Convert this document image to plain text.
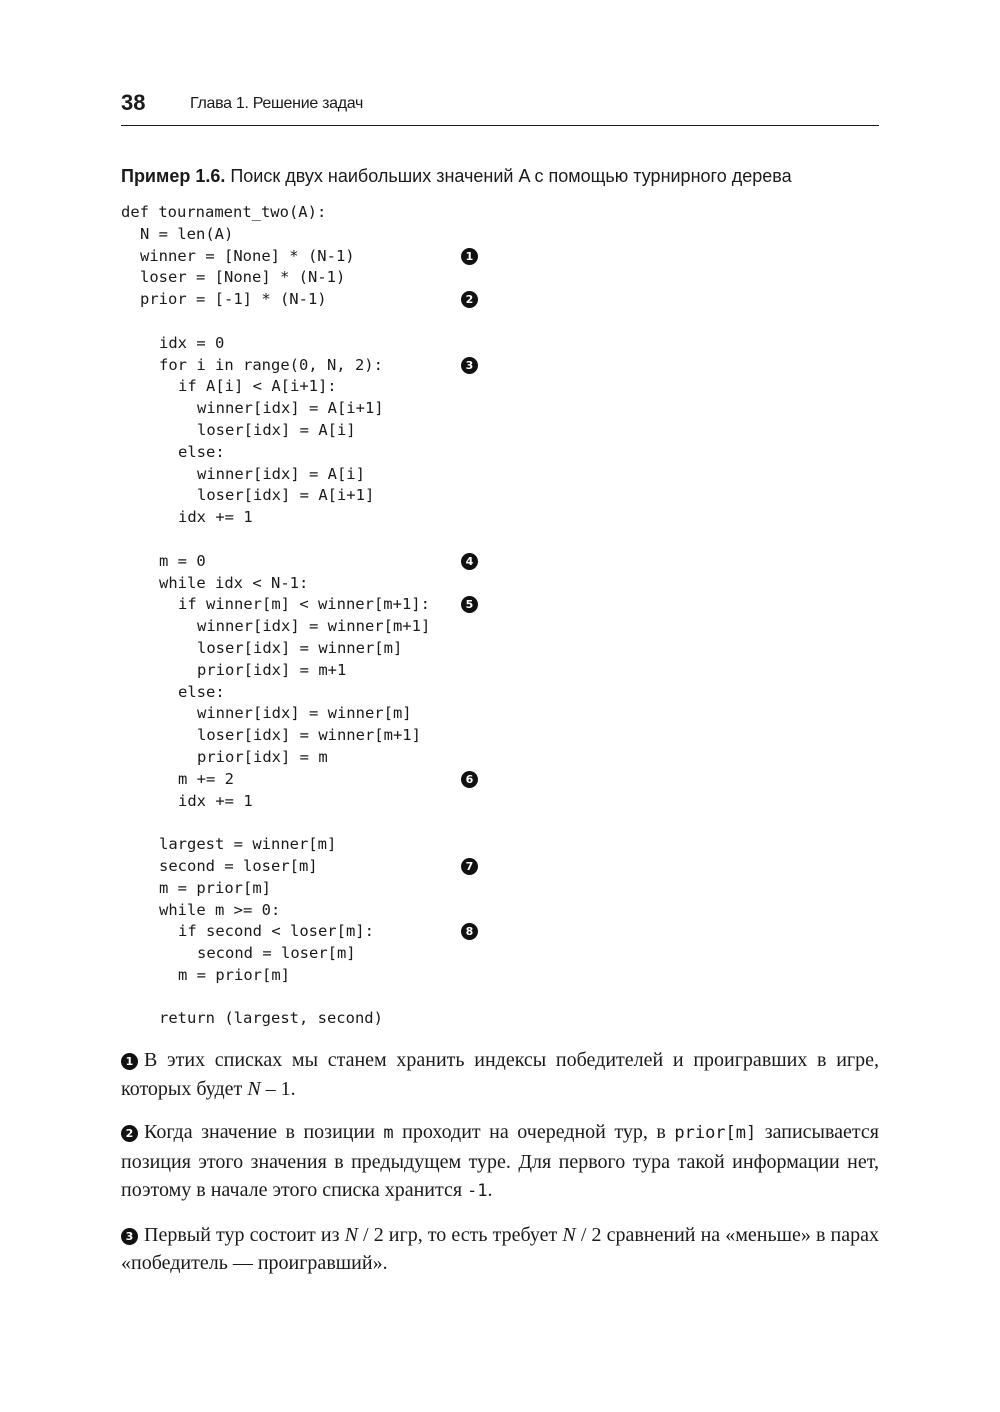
38	Глава 1. Решение задач
Пример 1.6. Поиск двух наибольших значений A с помощью турнирного дерева
def tournament_two(A):
N = len(A)
winner = [None] * (N-1)	1
loser = [None] * (N-1)
prior = [-1] * (N-1)	2
idx = 0
for i in range(0, N, 2):	3
if A[i] < A[i+1]:
winner[idx] = A[i+1]
loser[idx] = A[i]
else:
winner[idx] = A[i]
loser[idx] = A[i+1]
idx += 1
m = 0	4
while idx < N-1:
if winner[m] < winner[m+1]:	5
winner[idx] = winner[m+1]
loser[idx] = winner[m]
prior[idx] = m+1
else:
winner[idx] = winner[m]
loser[idx] = winner[m+1]
prior[idx] = m
m += 2	6
idx += 1
largest = winner[m]
second = loser[m]	7
m = prior[m]
while m >= 0:
if second < loser[m]:	8
second = loser[m]
m = prior[m]
return (largest, second)

1 В этих списках мы станем хранить индексы победителей и проигравших в игре, которых будет N – 1.

2 Когда значение в позиции m проходит на очередной тур, в prior[m] записывается позиция этого значения в предыдущем туре. Для первого тура такой информации нет, поэтому в начале этого списка хранится -1.

3 Первый тур состоит из N / 2 игр, то есть требует N / 2 сравнений на «меньше» в парах «победитель — проигравший».
